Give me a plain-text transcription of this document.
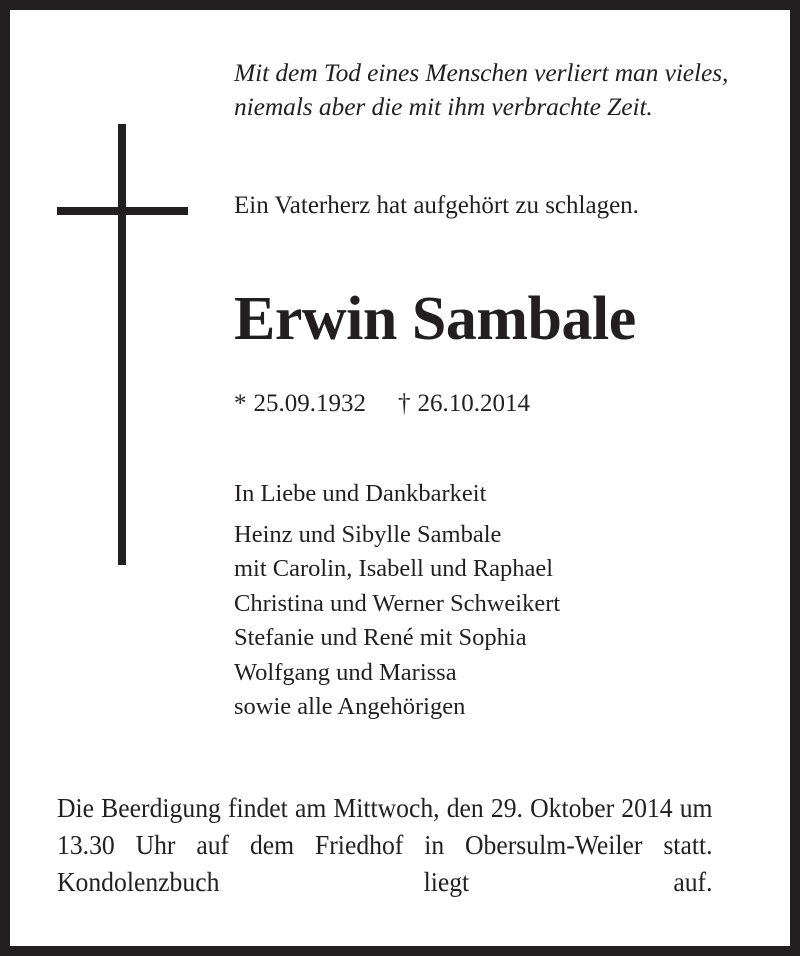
Mit dem Tod eines Menschen verliert man vieles,
niemals aber die mit ihm verbrachte Zeit.
Ein Vaterherz hat aufgehört zu schlagen.
Erwin Sambale
* 25.09.1932 † 26.10.2014
In Liebe und Dankbarkeit
Heinz und Sibylle Sambale
mit Carolin, Isabell und Raphael
Christina und Werner Schweikert
Stefanie und René mit Sophia
Wolfgang und Marissa
sowie alle Angehörigen

Die Beerdigung findet am Mittwoch, den 29. Oktober 2014 um 13.30 Uhr auf dem Friedhof in Obersulm-Weiler statt. Kondolenzbuch liegt auf.
